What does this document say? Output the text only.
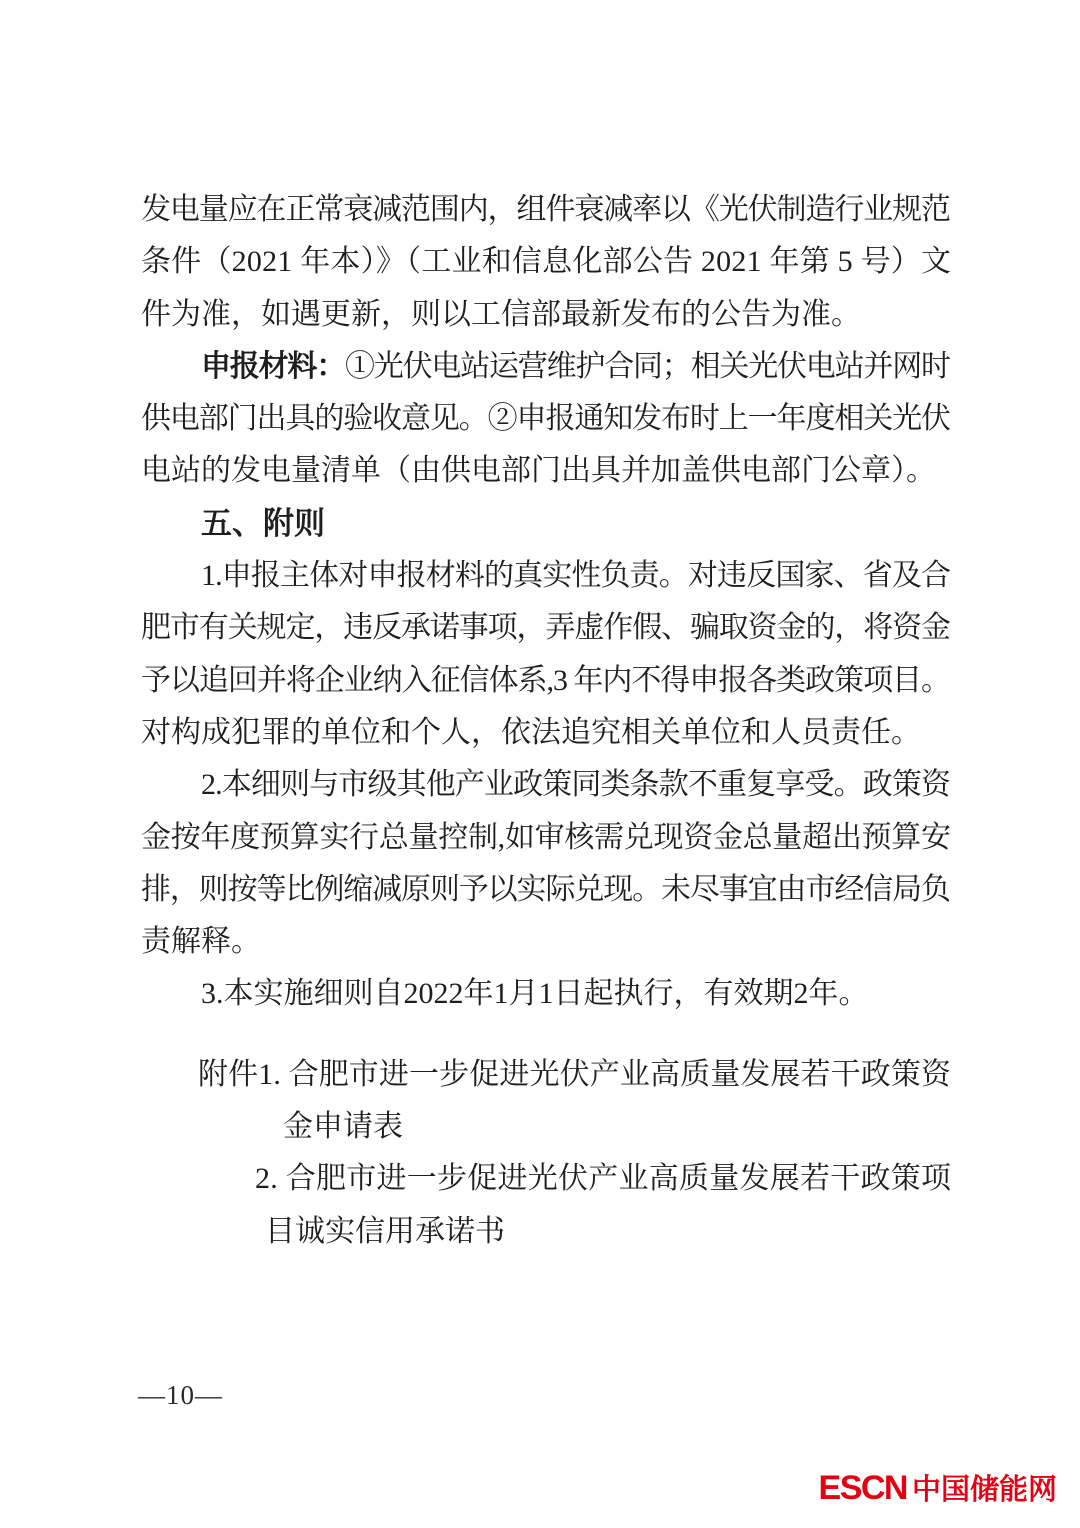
发电量应在正常衰减范围内，组件衰减率以《光伏制造行业规范
条件（2021 年本）》（工业和信息化部公告 2021 年第 5 号）文
件为准，如遇更新，则以工信部最新发布的公告为准。
申报材料：①光伏电站运营维护合同；相关光伏电站并网时
供电部门出具的验收意见。②申报通知发布时上一年度相关光伏
电站的发电量清单（由供电部门出具并加盖供电部门公章）。
五、附则
1.申报主体对申报材料的真实性负责。对违反国家、省及合
肥市有关规定，违反承诺事项，弄虚作假、骗取资金的，将资金
予以追回并将企业纳入征信体系,3 年内不得申报各类政策项目。
对构成犯罪的单位和个人，依法追究相关单位和人员责任。
2.本细则与市级其他产业政策同类条款不重复享受。政策资
金按年度预算实行总量控制,如审核需兑现资金总量超出预算安
排，则按等比例缩减原则予以实际兑现。未尽事宜由市经信局负
责解释。
3.本实施细则自2022年1月1日起执行，有效期2年。
附件1. 合肥市进一步促进光伏产业高质量发展若干政策资
金申请表
2. 合肥市进一步促进光伏产业高质量发展若干政策项
目诚实信用承诺书
—10—
ESCN 中国储能网
